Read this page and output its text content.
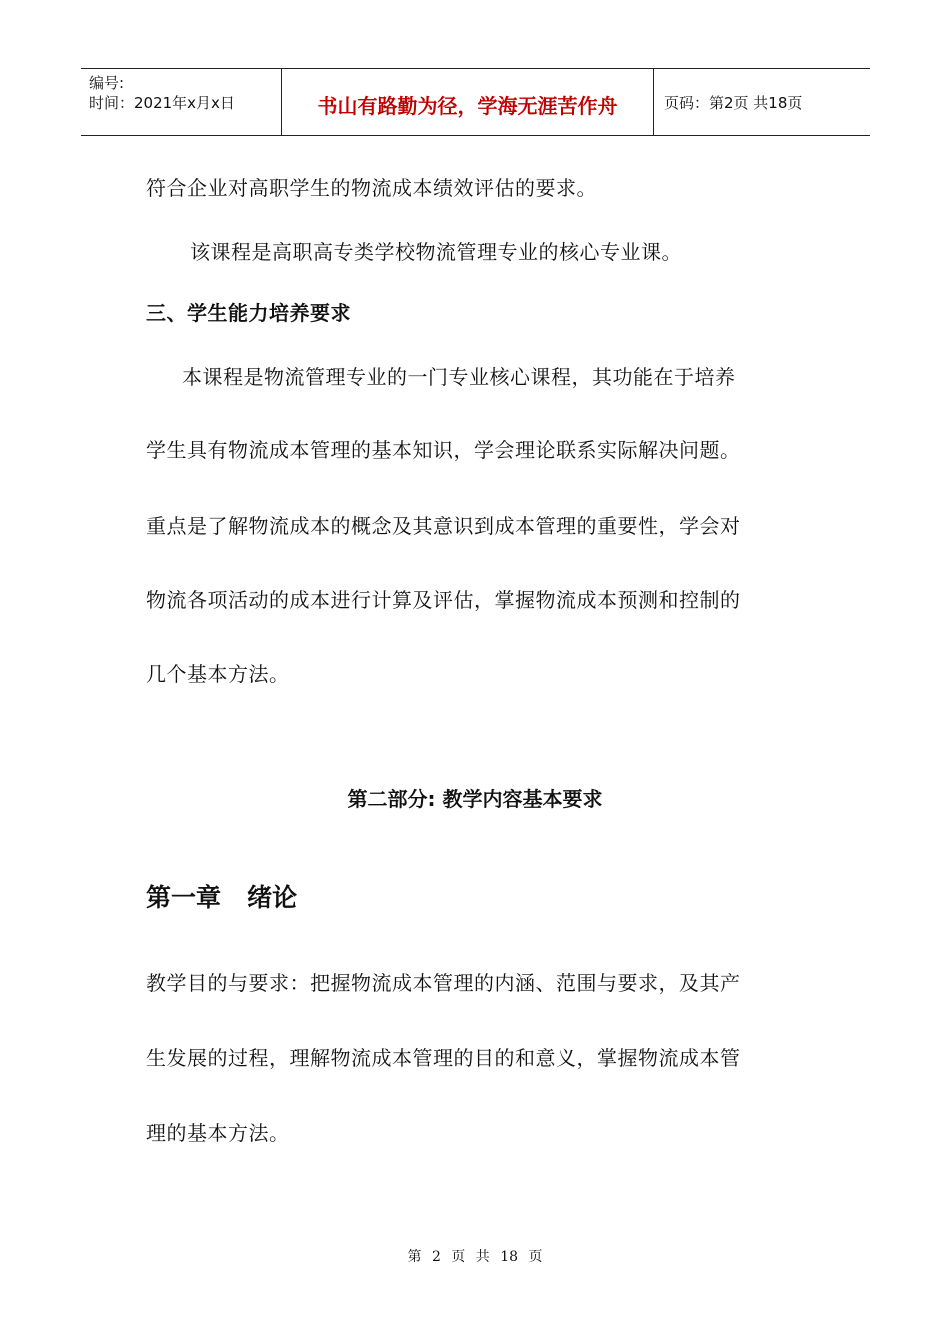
编号:
时间：2021年x月x日	书山有路勤为径，学海无涯苦作舟	页码：第2页 共18页
符合企业对高职学生的物流成本绩效评估的要求。
该课程是高职高专类学校物流管理专业的核心专业课。
三、学生能力培养要求
本课程是物流管理专业的一门专业核心课程，其功能在于培养
学生具有物流成本管理的基本知识，学会理论联系实际解决问题。
重点是了解物流成本的概念及其意识到成本管理的重要性，学会对
物流各项活动的成本进行计算及评估，掌握物流成本预测和控制的
几个基本方法。
第二部分: 教学内容基本要求
第一章   绪论
教学目的与要求：把握物流成本管理的内涵、范围与要求，及其产
生发展的过程，理解物流成本管理的目的和意义，掌握物流成本管
理的基本方法。
第 2 页 共 18 页
